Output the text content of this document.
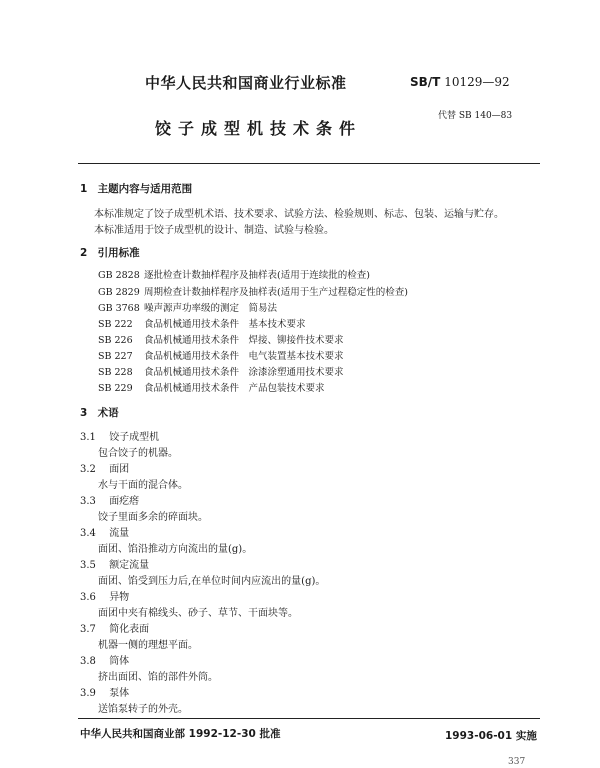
中华人民共和国商业行业标准	SB/T 10129—92
代替 SB 140—83
饺子成型机技术条件
1 主题内容与适用范围
本标准规定了饺子成型机术语、技术要求、试验方法、检验规则、标志、包装、运输与贮存。
本标准适用于饺子成型机的设计、制造、试验与检验。
2 引用标准
GB 2828 逐批检查计数抽样程序及抽样表(适用于连续批的检查)
GB 2829 周期检查计数抽样程序及抽样表(适用于生产过程稳定性的检查)
GB 3768 噪声源声功率级的测定　简易法
SB 222 食品机械通用技术条件　基本技术要求
SB 226 食品机械通用技术条件　焊接、铆接件技术要求
SB 227 食品机械通用技术条件　电气装置基本技术要求
SB 228 食品机械通用技术条件　涂漆涂塑通用技术要求
SB 229 食品机械通用技术条件　产品包装技术要求
3 术语
3.1 饺子成型机
包合饺子的机器。
3.2 面团
水与干面的混合体。
3.3 面疙瘩
饺子里面多余的碎面块。
3.4 流量
面团、馅沿推动方向流出的量(g)。
3.5 额定流量
面团、馅受到压力后,在单位时间内应流出的量(g)。
3.6 异物
面团中夹有棉线头、砂子、草节、干面块等。
3.7 简化表面
机器一侧的理想平面。
3.8 筒体
挤出面团、馅的部件外筒。
3.9 泵体
送馅泵转子的外壳。
中华人民共和国商业部 1992-12-30 批准	1993-06-01 实施
337
